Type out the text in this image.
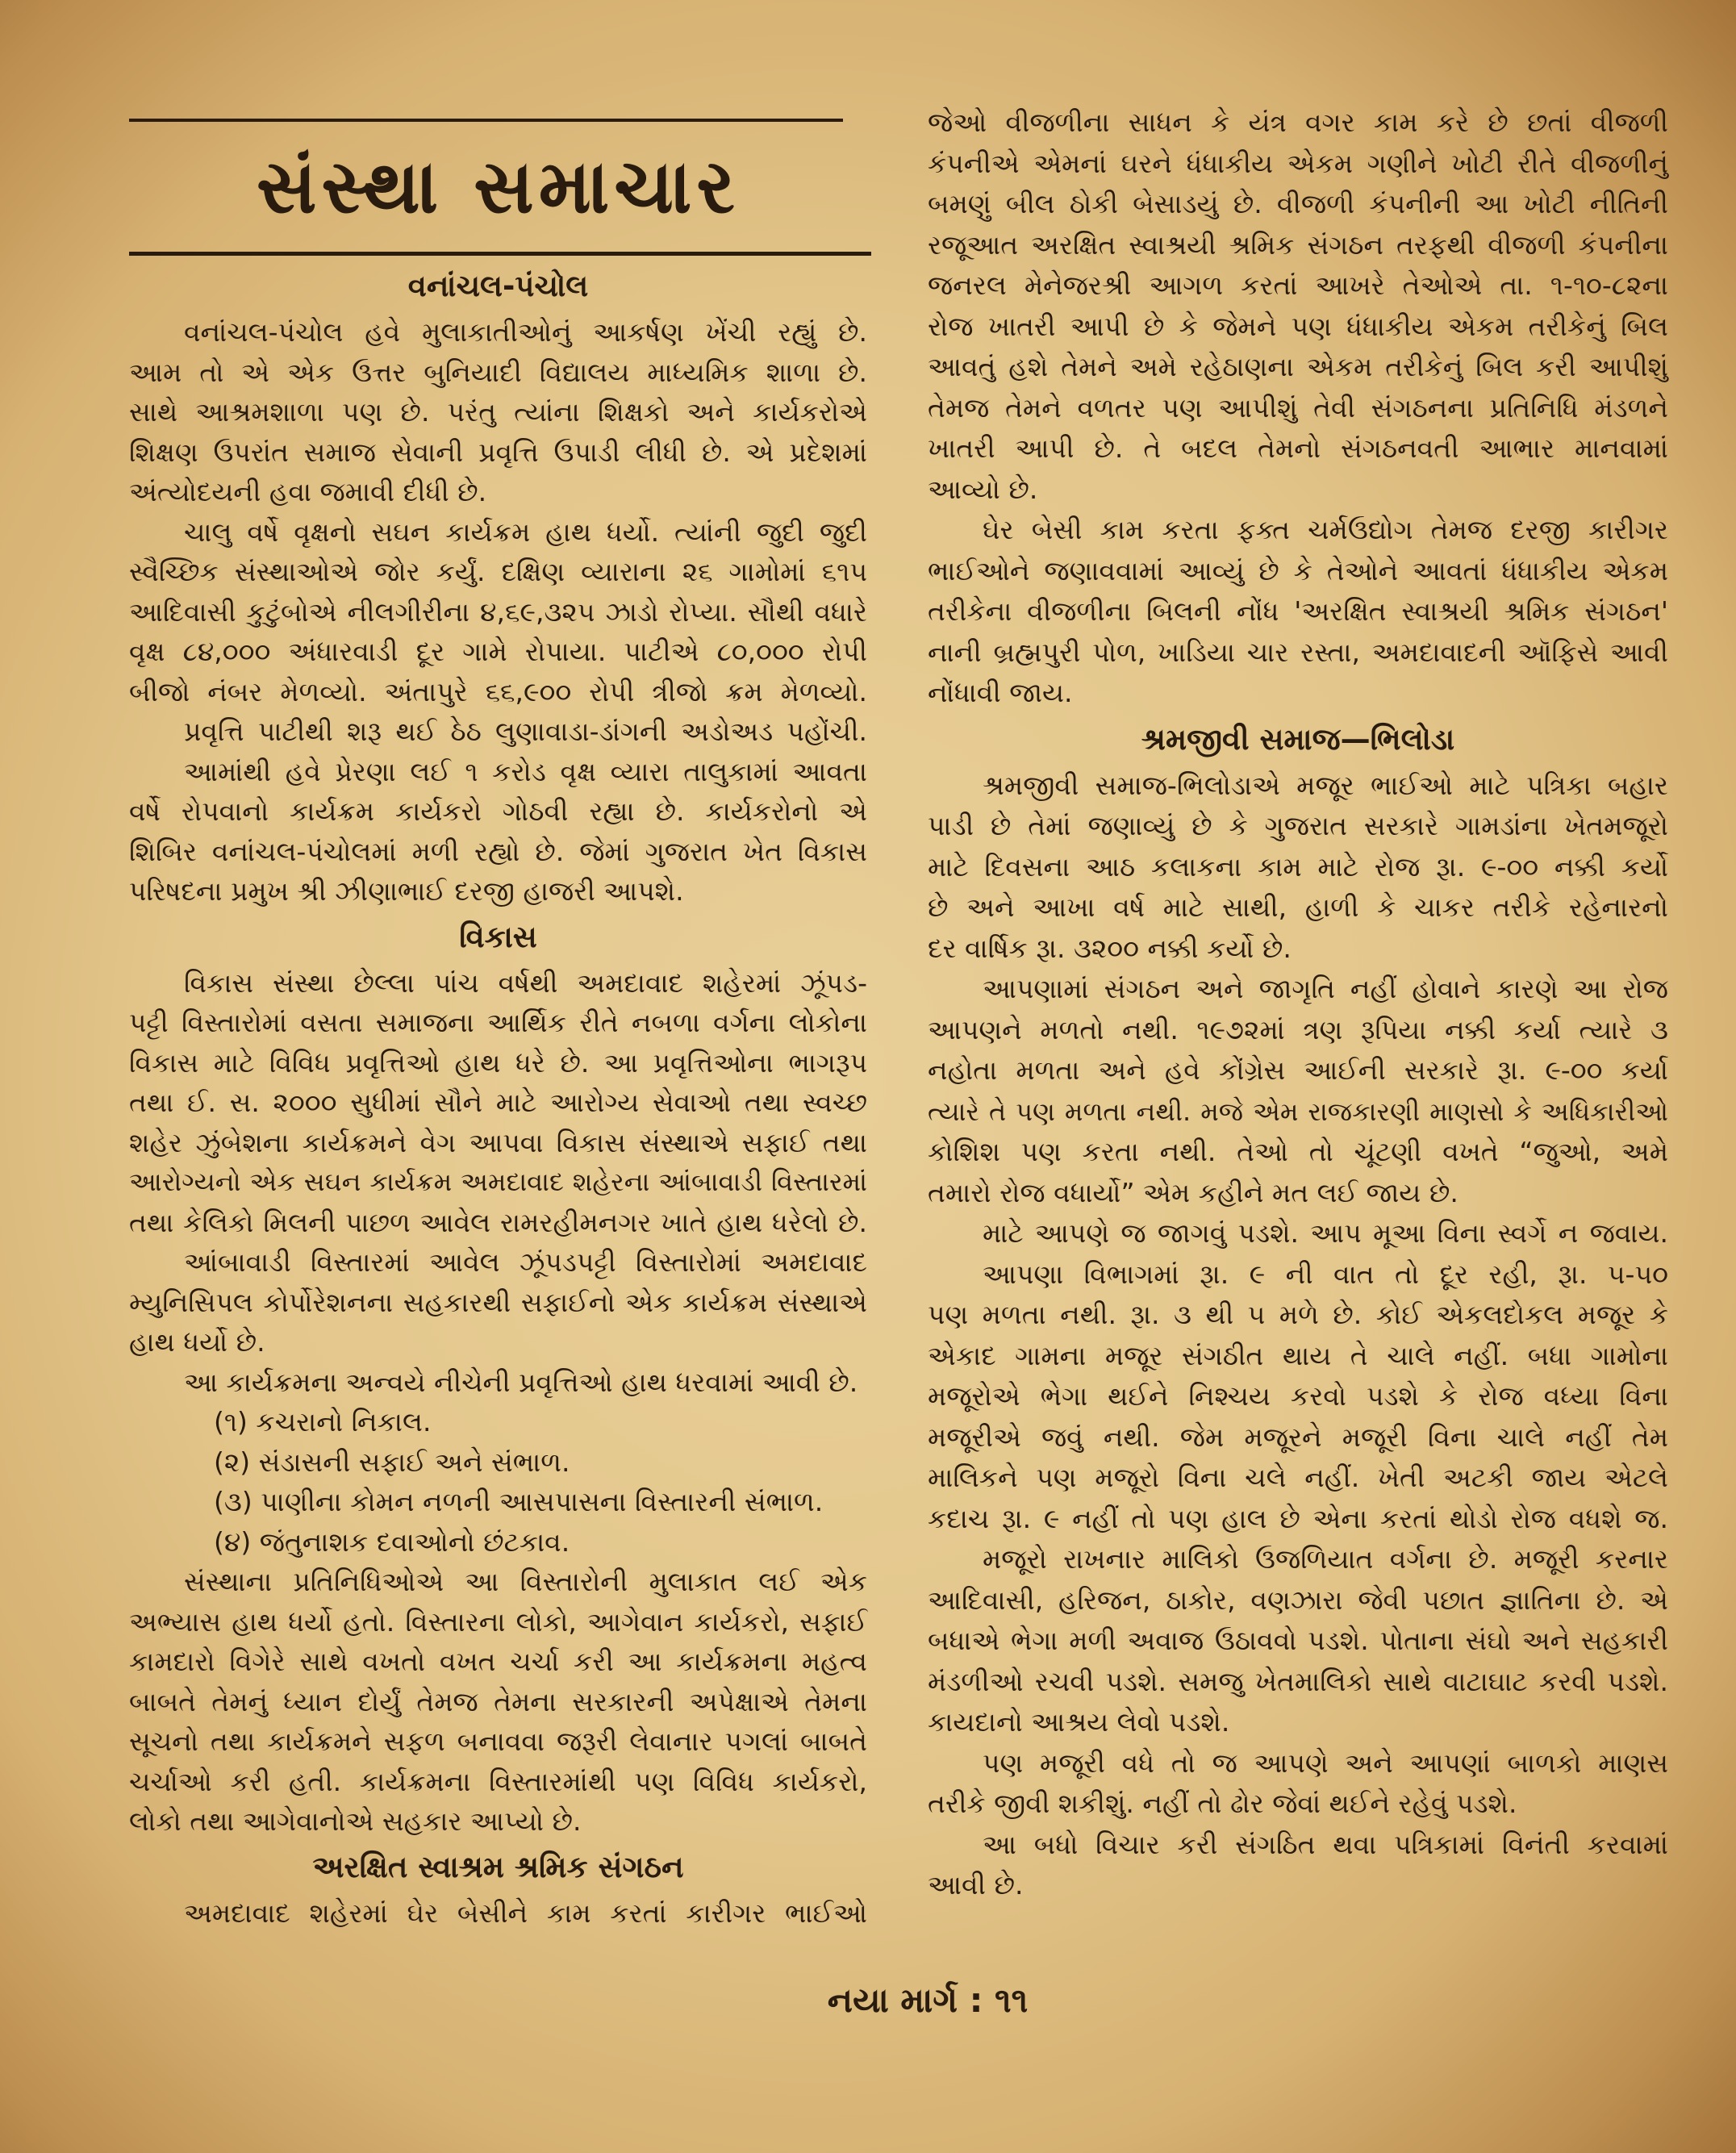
સંસ્થા સમાચાર
વનાંચલ-પંચોલ
વનાંચલ-પંચોલ હવે મુલાકાતીઓનું આકર્ષણ ખેંચી રહ્યું છે.
આમ તો એ એક ઉત્તર બુનિયાદી વિદ્યાલય માધ્યમિક શાળા છે.
સાથે આશ્રમશાળા પણ છે. પરંતુ ત્યાંના શિક્ષકો અને કાર્યકરોએ
શિક્ષણ ઉપરાંત સમાજ સેવાની પ્રવૃત્તિ ઉપાડી લીધી છે. એ પ્રદેશમાં
અંત્યોદયની હવા જમાવી દીધી છે.
ચાલુ વર્ષે વૃક્ષનો સઘન કાર્યક્રમ હાથ ધર્યો. ત્યાંની જુદી જુદી
સ્વૈચ્છિક સંસ્થાઓએ જોર કર્યું. દક્ષિણ વ્યારાના ૨૬ ગામોમાં ૬૧૫
આદિવાસી કુટુંબોએ નીલગીરીના ૪,૬૯,૩૨૫ ઝાડો રોપ્યા. સૌથી વધારે
વૃક્ષ ૮૪,૦૦૦ અંધારવાડી દૂર ગામે રોપાયા. પાટીએ ૮૦,૦૦૦ રોપી
બીજો નંબર મેળવ્યો. અંતાપુરે ૬૬,૯૦૦ રોપી ત્રીજો ક્રમ મેળવ્યો.
પ્રવૃત્તિ પાટીથી શરૂ થઈ ઠેઠ લુણાવાડા-ડાંગની અડોઅડ પહોંચી.
આમાંથી હવે પ્રેરણા લઈ ૧ કરોડ વૃક્ષ વ્યારા તાલુકામાં આવતા
વર્ષે રોપવાનો કાર્યક્રમ કાર્યકરો ગોઠવી રહ્યા છે. કાર્યકરોનો એ
શિબિર વનાંચલ-પંચોલમાં મળી રહ્યો છે. જેમાં ગુજરાત ખેત વિકાસ
પરિષદના પ્રમુખ શ્રી ઝીણાભાઈ દરજી હાજરી આપશે.
વિકાસ
વિકાસ સંસ્થા છેલ્લા પાંચ વર્ષથી અમદાવાદ શહેરમાં ઝૂંપડ-
પટ્ટી વિસ્તારોમાં વસતા સમાજના આર્થિક રીતે નબળા વર્ગના લોકોના
વિકાસ માટે વિવિધ પ્રવૃત્તિઓ હાથ ધરે છે. આ પ્રવૃત્તિઓના ભાગરૂપ
તથા ઈ. સ. ૨૦૦૦ સુધીમાં સૌને માટે આરોગ્ય સેવાઓ તથા સ્વચ્છ
શહેર ઝુંબેશના કાર્યક્રમને વેગ આપવા વિકાસ સંસ્થાએ સફાઈ તથા
આરોગ્યનો એક સઘન કાર્યક્રમ અમદાવાદ શહેરના આંબાવાડી વિસ્તારમાં
તથા કેલિકો મિલની પાછળ આવેલ રામરહીમનગર ખાતે હાથ ધરેલો છે.
આંબાવાડી વિસ્તારમાં આવેલ ઝૂંપડપટ્ટી વિસ્તારોમાં અમદાવાદ
મ્યુનિસિપલ કોર્પોરેશનના સહકારથી સફાઈનો એક કાર્યક્રમ સંસ્થાએ
હાથ ધર્યો છે.
આ કાર્યક્રમના અન્વયે નીચેની પ્રવૃત્તિઓ હાથ ધરવામાં આવી છે.
(૧) કચરાનો નિકાલ.
(૨) સંડાસની સફાઈ અને સંભાળ.
(૩) પાણીના કોમન નળની આસપાસના વિસ્તારની સંભાળ.
(૪) જંતુનાશક દવાઓનો છંટકાવ.
સંસ્થાના પ્રતિનિધિઓએ આ વિસ્તારોની મુલાકાત લઈ એક
અભ્યાસ હાથ ધર્યો હતો. વિસ્તારના લોકો, આગેવાન કાર્યકરો, સફાઈ
કામદારો વિગેરે સાથે વખતો વખત ચર્ચા કરી આ કાર્યક્રમના મહત્વ
બાબતે તેમનું ધ્યાન દોર્યું તેમજ તેમના સરકારની અપેક્ષાએ તેમના
સૂચનો તથા કાર્યક્રમને સફળ બનાવવા જરૂરી લેવાનાર પગલાં બાબતે
ચર્ચાઓ કરી હતી. કાર્યક્રમના વિસ્તારમાંથી પણ વિવિધ કાર્યકરો,
લોકો તથા આગેવાનોએ સહકાર આપ્યો છે.
અરક્ષિત સ્વાશ્રમ શ્રમિક સંગઠન
અમદાવાદ શહેરમાં ઘેર બેસીને કામ કરતાં કારીગર ભાઈઓ
જેઓ વીજળીના સાધન કે યંત્ર વગર કામ કરે છે છતાં વીજળી
કંપનીએ એમનાં ઘરને ધંધાકીય એકમ ગણીને ખોટી રીતે વીજળીનું
બમણું બીલ ઠોકી બેસાડયું છે. વીજળી કંપનીની આ ખોટી નીતિની
રજૂઆત અરક્ષિત સ્વાશ્રયી શ્રમિક સંગઠન તરફથી વીજળી કંપનીના
જનરલ મેનેજરશ્રી આગળ કરતાં આખરે તેઓએ તા. ૧-૧૦-૮૨ના
રોજ ખાતરી આપી છે કે જેમને પણ ધંધાકીય એકમ તરીકેનું બિલ
આવતું હશે તેમને અમે રહેઠાણના એકમ તરીકેનું બિલ કરી આપીશું
તેમજ તેમને વળતર પણ આપીશું તેવી સંગઠનના પ્રતિનિધિ મંડળને
ખાતરી આપી છે. તે બદલ તેમનો સંગઠનવતી આભાર માનવામાં
આવ્યો છે.
ઘેર બેસી કામ કરતા ફક્ત ચર્મઉદ્યોગ તેમજ દરજી કારીગર
ભાઈઓને જણાવવામાં આવ્યું છે કે તેઓને આવતાં ધંધાકીય એકમ
તરીકેના વીજળીના બિલની નોંધ 'અરક્ષિત સ્વાશ્રયી શ્રમિક સંગઠન'
નાની બ્રહ્મપુરી પોળ, ખાડિયા ચાર રસ્તા, અમદાવાદની ઑફિસે આવી
નોંધાવી જાય.
શ્રમજીવી સમાજ—ભિલોડા
શ્રમજીવી સમાજ-ભિલોડાએ મજૂર ભાઈઓ માટે પત્રિકા બહાર
પાડી છે તેમાં જણાવ્યું છે કે ગુજરાત સરકારે ગામડાંના ખેતમજૂરો
માટે દિવસના આઠ કલાકના કામ માટે રોજ રૂા. ૯-૦૦ નક્કી કર્યો
છે અને આખા વર્ષ માટે સાથી, હાળી કે ચાકર તરીકે રહેનારનો
દર વાર્ષિક રૂા. ૩૨૦૦ નક્કી કર્યો છે.
આપણામાં સંગઠન અને જાગૃતિ નહીં હોવાને કારણે આ રોજ
આપણને મળતો નથી. ૧૯૭૨માં ત્રણ રૂપિયા નક્કી કર્યા ત્યારે ૩
નહોતા મળતા અને હવે કોંગ્રેસ આઈની સરકારે રૂા. ૯-૦૦ કર્યા
ત્યારે તે પણ મળતા નથી. મજે એમ રાજકારણી માણસો કે અધિકારીઓ
કોશિશ પણ કરતા નથી. તેઓ તો ચૂંટણી વખતે “જુઓ, અમે
તમારો રોજ વધાર્યો” એમ કહીને મત લઈ જાય છે.
માટે આપણે જ જાગવું પડશે. આપ મૂઆ વિના સ્વર્ગે ન જવાય.
આપણા વિભાગમાં રૂા. ૯ ની વાત તો દૂર રહી, રૂા. ૫-૫૦
પણ મળતા નથી. રૂા. ૩ થી ૫ મળે છે. કોઈ એકલદોકલ મજૂર કે
એકાદ ગામના મજૂર સંગઠીત થાય તે ચાલે નહીં. બધા ગામોના
મજૂરોએ ભેગા થઈને નિશ્ચય કરવો પડશે કે રોજ વધ્યા વિના
મજૂરીએ જવું નથી. જેમ મજૂરને મજૂરી વિના ચાલે નહીં તેમ
માલિકને પણ મજૂરો વિના ચલે નહીં. ખેતી અટકી જાય એટલે
કદાચ રૂા. ૯ નહીં તો પણ હાલ છે એના કરતાં થોડો રોજ વધશે જ.
મજૂરો રાખનાર માલિકો ઉજળિયાત વર્ગના છે. મજૂરી કરનાર
આદિવાસી, હરિજન, ઠાકોર, વણઝારા જેવી પછાત જ્ઞાતિના છે. એ
બધાએ ભેગા મળી અવાજ ઉઠાવવો પડશે. પોતાના સંઘો અને સહકારી
મંડળીઓ રચવી પડશે. સમજુ ખેતમાલિકો સાથે વાટાઘાટ કરવી પડશે.
કાયદાનો આશ્રય લેવો પડશે.
પણ મજૂરી વધે તો જ આપણે અને આપણાં બાળકો માણસ
તરીકે જીવી શકીશું. નહીં તો ઢોર જેવાં થઈને રહેવું પડશે.
આ બધો વિચાર કરી સંગઠિત થવા પત્રિકામાં વિનંતી કરવામાં
આવી છે.
નયા માર્ગ : ૧૧
